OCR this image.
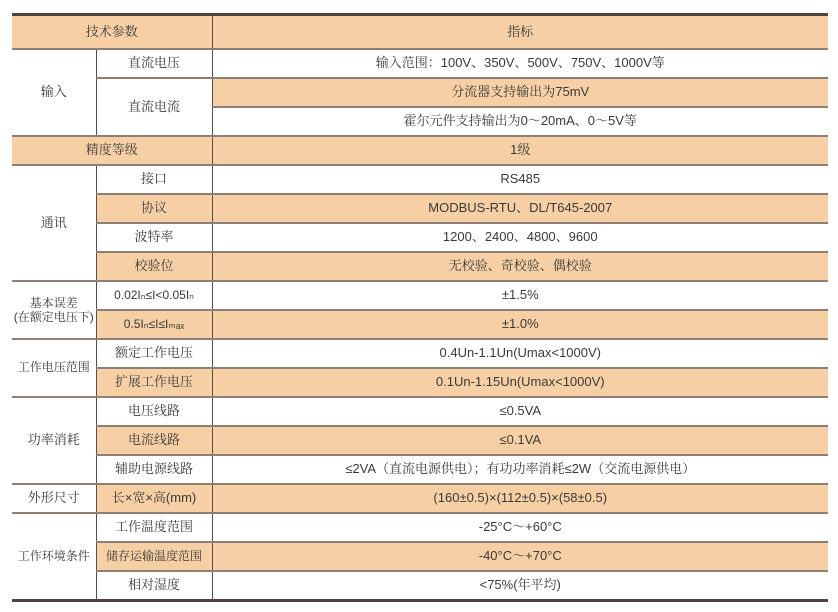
技术参数		指标
输入	直流电压	输入范围：100V、350V、500V、750V、1000V等
	直流电流	分流器支持输出为75mV
		霍尔元件支持输出为0～20mA、0～5V等
精度等级		1级
通讯	接口	RS485
	协议	MODBUS-RTU、DL/T645-2007
	波特率	1200、2400、4800、9600
	校验位	无校验、奇校验、偶校验

基本误差
(在额定电压下)	0.02Iₙ≤I<0.05Iₙ	±1.5%
	0.5Iₙ≤I≤Iₘₐₓ	±1.0%
工作电压范围	额定工作电压	0.4Un-1.1Un(Umax<1000V)
	扩展工作电压	0.1Un-1.15Un(Umax<1000V)
功率消耗	电压线路	≤0.5VA
	电流线路	≤0.1VA
	辅助电源线路	≤2VA（直流电源供电）；有功功率消耗≤2W（交流电源供电）
外形尺寸	长×宽×高(mm)	(160±0.5)×(112±0.5)×(58±0.5)
工作环境条件	工作温度范围	-25°C～+60°C
	储存运输温度范围	-40°C～+70°C
	相对湿度	<75%(年平均)
